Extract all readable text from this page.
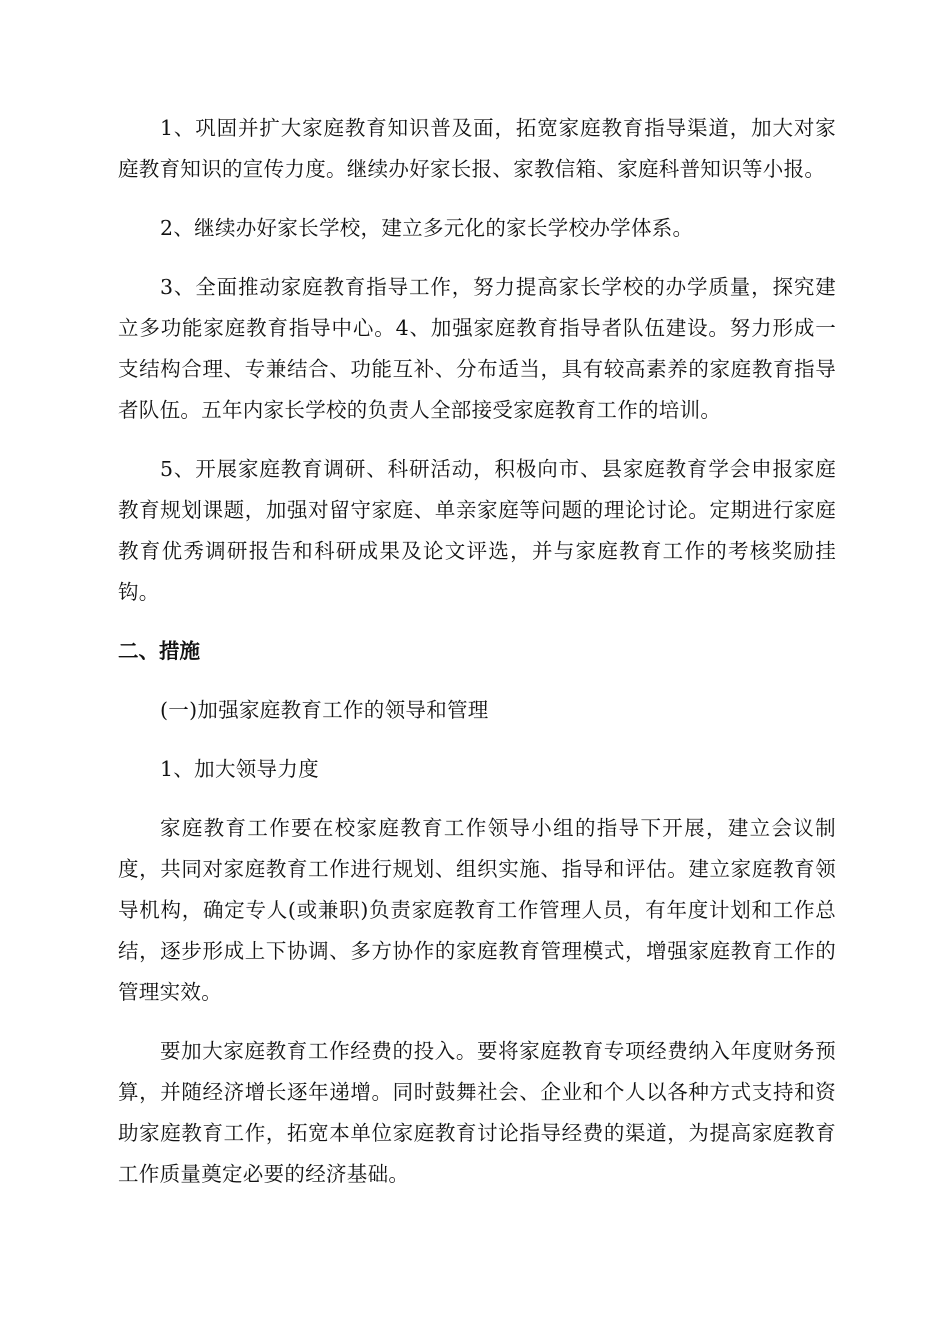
1、巩固并扩大家庭教育知识普及面，拓宽家庭教育指导渠道，加大对家庭教育知识的宣传力度。继续办好家长报、家教信箱、家庭科普知识等小报。

2、继续办好家长学校，建立多元化的家长学校办学体系。

3、全面推动家庭教育指导工作，努力提高家长学校的办学质量，探究建立多功能家庭教育指导中心。4、加强家庭教育指导者队伍建设。努力形成一支结构合理、专兼结合、功能互补、分布适当，具有较高素养的家庭教育指导者队伍。五年内家长学校的负责人全部接受家庭教育工作的培训。

5、开展家庭教育调研、科研活动，积极向市、县家庭教育学会申报家庭教育规划课题，加强对留守家庭、单亲家庭等问题的理论讨论。定期进行家庭教育优秀调研报告和科研成果及论文评选，并与家庭教育工作的考核奖励挂钩。

二、措施

(一)加强家庭教育工作的领导和管理

1、加大领导力度

家庭教育工作要在校家庭教育工作领导小组的指导下开展，建立会议制度，共同对家庭教育工作进行规划、组织实施、指导和评估。建立家庭教育领导机构，确定专人(或兼职)负责家庭教育工作管理人员，有年度计划和工作总结，逐步形成上下协调、多方协作的家庭教育管理模式，增强家庭教育工作的管理实效。

要加大家庭教育工作经费的投入。要将家庭教育专项经费纳入年度财务预算，并随经济增长逐年递增。同时鼓舞社会、企业和个人以各种方式支持和资助家庭教育工作，拓宽本单位家庭教育讨论指导经费的渠道，为提高家庭教育工作质量奠定必要的经济基础。
